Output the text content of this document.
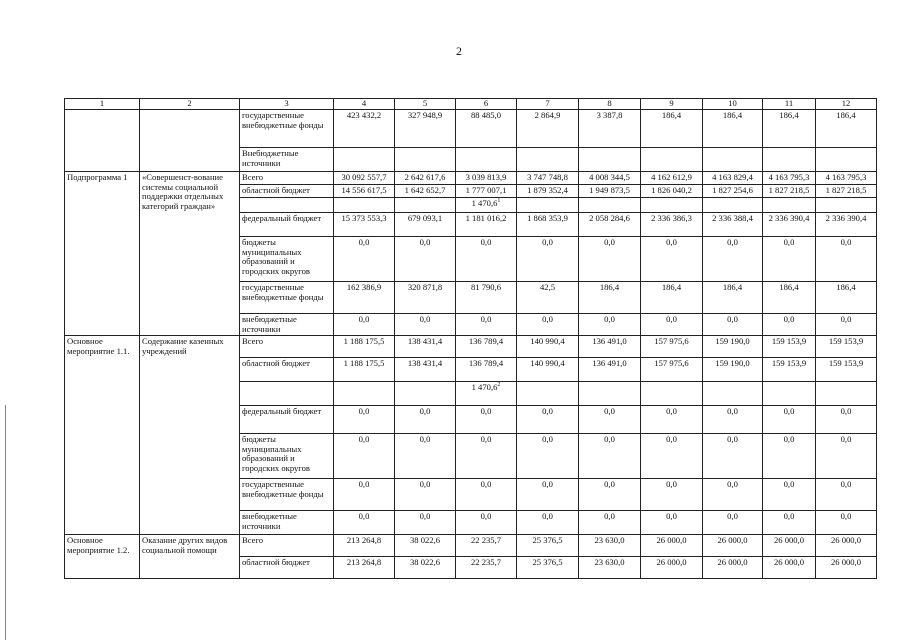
2
1	2	3	4	5	6	7	8	9	10	11	12
		государственные внебюджетные фонды	423 432,2	327 948,9	88 485,0	2 864,9	3 387,8	186,4	186,4	186,4	186,4
		Внебюджетные источники									
Подпрограмма 1	«Совершенст-вование системы социальной поддержки отдельных категорий граждан»	Всего	30 092 557,7	2 642 617,6	3 039 813,9	3 747 748,8	4 008 344,5	4 162 612,9	4 163 829,4	4 163 795,3	4 163 795,3
		областной бюджет	14 556 617,5	1 642 652,7	1 777 007,1	1 879 352,4	1 949 873,5	1 826 040,2	1 827 254,6	1 827 218,5	1 827 218,5
					1 470,6$^1$						
		федеральный бюджет	15 373 553,3	679 093,1	1 181 016,2	1 868 353,9	2 058 284,6	2 336 386,3	2 336 388,4	2 336 390,4	2 336 390,4
		бюджеты муниципальных образований и городских округов	0,0	0,0	0,0	0,0	0,0	0,0	0,0	0,0	0,0
		государственные внебюджетные фонды	162 386,9	320 871,8	81 790,6	42,5	186,4	186,4	186,4	186,4	186,4
		внебюджетные источники	0,0	0,0	0,0	0,0	0,0	0,0	0,0	0,0	0,0
Основное мероприятие 1.1.	Содержание казенных учреждений	Всего	1 188 175,5	138 431,4	136 789,4	140 990,4	136 491,0	157 975,6	159 190,0	159 153,9	159 153,9
		областной бюджет	1 188 175,5	138 431,4	136 789,4	140 990,4	136 491,0	157 975,6	159 190,0	159 153,9	159 153,9
					1 470,6$^2$						
		федеральный бюджет	0,0	0,0	0,0	0,0	0,0	0,0	0,0	0,0	0,0
		бюджеты муниципальных образований и городских округов	0,0	0,0	0,0	0,0	0,0	0,0	0,0	0,0	0,0
		государственные внебюджетные фонды	0,0	0,0	0,0	0,0	0,0	0,0	0,0	0,0	0,0
		внебюджетные источники	0,0	0,0	0,0	0,0	0,0	0,0	0,0	0,0	0,0
Основное мероприятие 1.2.	Оказание других видов социальной помощи	Всего	213 264,8	38 022,6	22 235,7	25 376,5	23 630,0	26 000,0	26 000,0	26 000,0	26 000,0
		областной бюджет	213 264,8	38 022,6	22 235,7	25 376,5	23 630,0	26 000,0	26 000,0	26 000,0	26 000,0
